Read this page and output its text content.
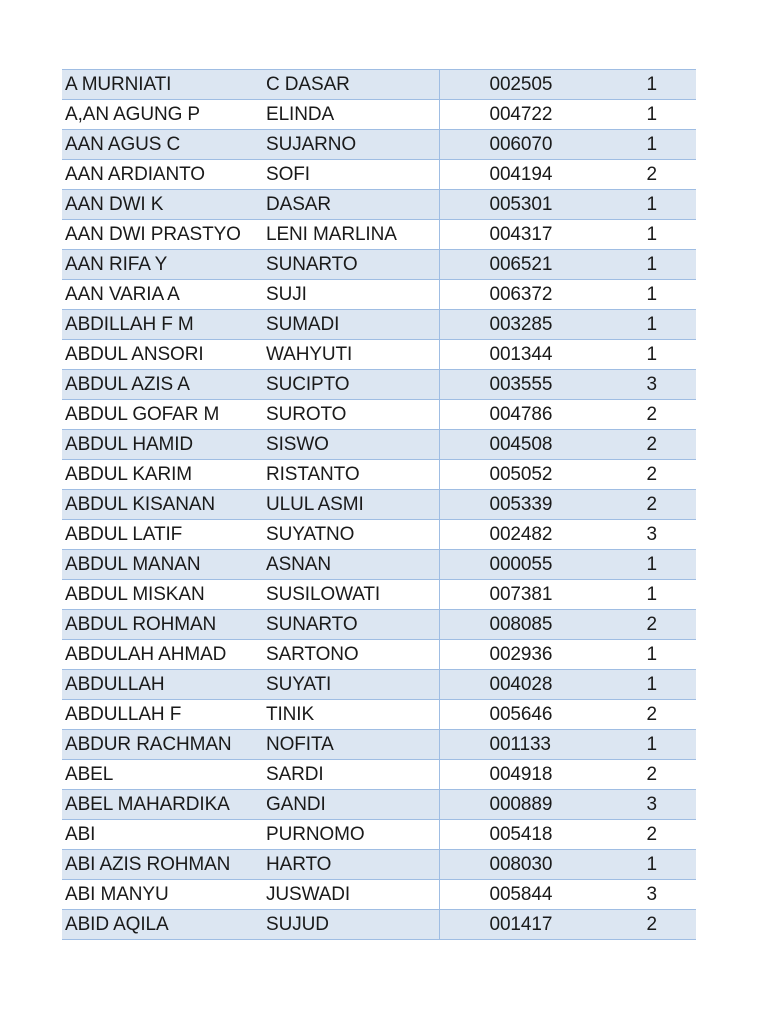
A MURNIATI	C DASAR	002505	1
A,AN AGUNG P	ELINDA	004722	1
AAN AGUS C	SUJARNO	006070	1
AAN ARDIANTO	SOFI	004194	2
AAN DWI K	DASAR	005301	1
AAN DWI PRASTYO	LENI MARLINA	004317	1
AAN RIFA Y	SUNARTO	006521	1
AAN VARIA A	SUJI	006372	1
ABDILLAH F M	SUMADI	003285	1
ABDUL ANSORI	WAHYUTI	001344	1
ABDUL AZIS A	SUCIPTO	003555	3
ABDUL GOFAR M	SUROTO	004786	2
ABDUL HAMID	SISWO	004508	2
ABDUL KARIM	RISTANTO	005052	2
ABDUL KISANAN	ULUL ASMI	005339	2
ABDUL LATIF	SUYATNO	002482	3
ABDUL MANAN	ASNAN	000055	1
ABDUL MISKAN	SUSILOWATI	007381	1
ABDUL ROHMAN	SUNARTO	008085	2
ABDULAH AHMAD	SARTONO	002936	1
ABDULLAH	SUYATI	004028	1
ABDULLAH F	TINIK	005646	2
ABDUR RACHMAN	NOFITA	001133	1
ABEL	SARDI	004918	2
ABEL MAHARDIKA	GANDI	000889	3
ABI	PURNOMO	005418	2
ABI AZIS ROHMAN	HARTO	008030	1
ABI MANYU	JUSWADI	005844	3
ABID AQILA	SUJUD	001417	2
